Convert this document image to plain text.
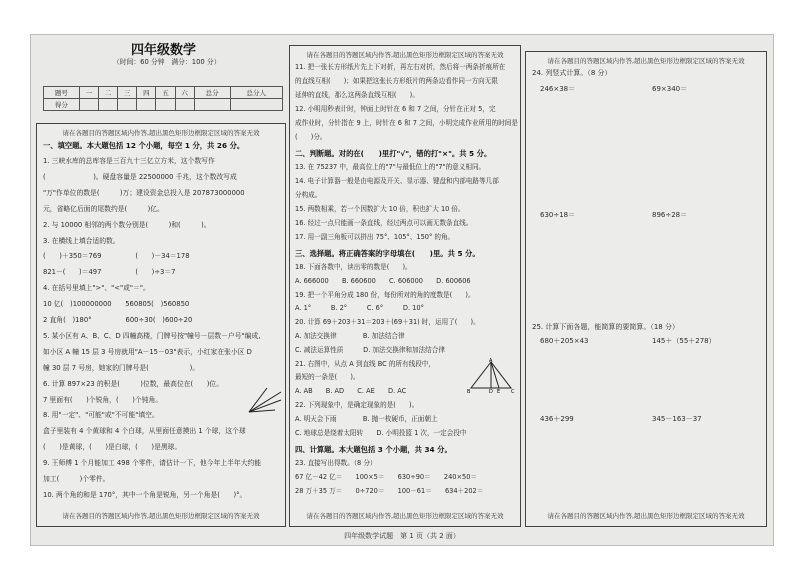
四年级数学
（时间：60 分钟　满分：100 分）
题号	一	二	三	四	五	六	总分	总分人
得分								
请在各题目的答题区域内作答,超出黑色矩形边框限定区域的答案无效
一、填空题。本大题包括 12 个小题，每空 1 分，共 26 分。
1. 三峡水库的总库容是三百九十三亿立方米，这个数写作
(　　　　　　　)。硬盘容量是 22500000 千兆，这个数改写成
"万"作单位的数是(　　　)万；建设资金总投入是 207873000000
元，省略亿后面的尾数约是(　　　)亿。
2. 与 10000 相邻的两个数分别是(　　　)和(　　　)。
3. 在横线上填合适的数。
(　　)＋350＝769　　　　　(　　)－34＝178
821－(　　)＝497　　　　　(　　)÷3＝7
4. 在括号里填上">"、"<"或"＝"。
10 亿(　)100000000　　560805(　)560850
2 直角(　)180°　　　　　600÷30(　)600÷20
5. 某小区有 A、B、C、D 四幢高楼，门牌号按"幢号－层数－户号"编成,
如小区 A 幢 15 层 3 号房就用"A－15－03"表示，小红家在张小区 D
幢 30 层 7 号房，她家的门牌号是(　　　　　　)。
6. 计算 897×23 的积是(　　　)位数，最高位在(　　)位。
7 里面有(　　)个锐角，(　　)个钝角。
8. 用"一定"、"可能"或"不可能"填空。
盒子里装有 4 个黄球和 4 个白球，从里面任意摸出 1 个球，这个球
(　　)是黄球，(　　)是白球，(　　)是黑球。
9. 王师傅 1 个月能加工 498 个零件，请估计一下，他今年上半年大约能
加工(　　　)个零件。
10. 两个角的和是 170°，其中一个角是锐角，另一个角是(　　)°。
请在各题目的答题区域内作答,超出黑色矩形边框限定区域的答案无效
请在各题目的答题区域内作答,超出黑色矩形边框限定区域的答案无效
11. 把一张长方形纸片先上下对折，再左右对折，然后将一两条折痕所在
的直线互相(　　)；如果把这张长方形纸片的两条边看作同一方向无限
延伸的直线，那么这两条直线互相(　　)。
12. 小明用秒表计时，钟面上时针在 6 和 7 之间，分针在正对 5，完
成作业时，分针指在 9 上，时针在 6 和 7 之间，小明完成作业所用的时间是
(　　)分。
二、判断题。对的在(　　)里打"√"，错的打"×"。共 5 分。
13. 在 75237 中，最高位上的"7"与最低位上的"7"的意义相同。
14. 电子计算器一般是由电源及开关、显示器、键盘和内部电路等几部
分构成。
15. 两数相乘，若一个因数扩大 10 倍，积也扩大 10 倍。
16. 经过一点只能画一条直线，经过两点可以画无数条直线。
17. 用一副三角板可以拼出 75°、105°、150° 的角。
三、选择题。将正确答案的字母填在(　　)里。共 5 分。
18. 下面各数中，读出零的数是(　　)。
A. 666000　　B. 660600　　C. 606000　　D. 600606
19. 把一个平角分成 180 份，每份所对的角的度数是(　　)。
A. 1°　　　B. 2°　　　C. 6°　　　D. 10°
20. 计算 69＋203＋31＝203＋(69＋31) 时，运用了(　　)。
A. 加法交换律　　　　B. 加法结合律
C. 减法运算性质　　　D. 加法交换律和加法结合律
21. 右图中，从点 A 到直线 BC 的所有线段中，
最短的一条是(　　)。
A. AB　　B. AD　　C. AE　　D. AC
22. 下列现象中，是确定现象的是(　　)。
A. 明天会下雨　　　　B. 抛一枚硬币，正面朝上
C. 地球总是绕着太阳转　　D. 小明投篮 1 次，一定会投中
四、计算题。本大题包括 3 个小题，共 34 分。
23. 直接写出得数。（8 分）
67 亿－42 亿＝　　100×5＝　　630÷90＝　　240×50＝
28 万＋35 万＝　　0÷720＝　　100－61＝　　634＋202＝
A
B	D E C
请在各题目的答题区域内作答,超出黑色矩形边框限定区域的答案无效
请在各题目的答题区域内作答,超出黑色矩形边框限定区域的答案无效
24. 列竖式计算。（8 分）
246×38＝	69×340＝
630÷18＝	896÷28＝
25. 计算下面各题，能简算的要简算。（18 分）
680＋205×43	145＋（55＋278）
436＋299	345－163－37
请在各题目的答题区域内作答,超出黑色矩形边框限定区域的答案无效
四年级数学试题　第 1 页（共 2 面）
